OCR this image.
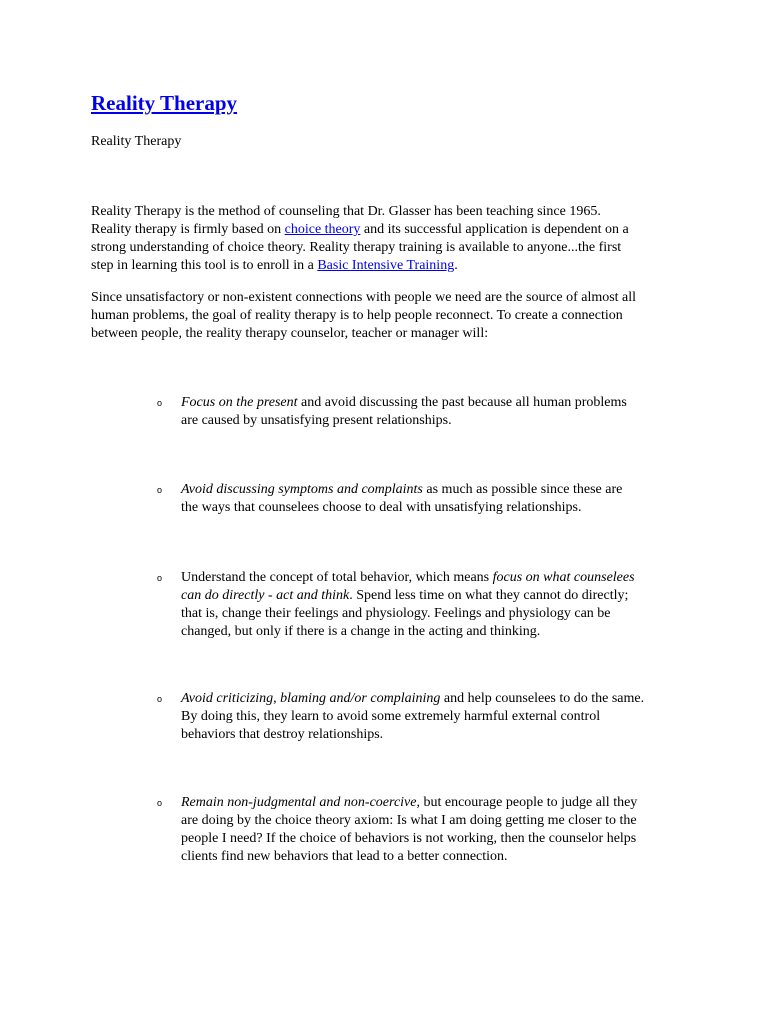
Reality Therapy

Reality Therapy

Reality Therapy is the method of counseling that Dr. Glasser has been teaching since 1965.
Reality therapy is firmly based on choice theory and its successful application is dependent on a
strong understanding of choice theory. Reality therapy training is available to anyone...the first
step in learning this tool is to enroll in a Basic Intensive Training.

Since unsatisfactory or non-existent connections with people we need are the source of almost all
human problems, the goal of reality therapy is to help people reconnect. To create a connection
between people, the reality therapy counselor, teacher or manager will:

o Focus on the present and avoid discussing the past because all human problems
are caused by unsatisfying present relationships.
o Avoid discussing symptoms and complaints as much as possible since these are
the ways that counselees choose to deal with unsatisfying relationships.
o Understand the concept of total behavior, which means focus on what counselees
can do directly - act and think. Spend less time on what they cannot do directly;
that is, change their feelings and physiology. Feelings and physiology can be
changed, but only if there is a change in the acting and thinking.
o Avoid criticizing, blaming and/or complaining and help counselees to do the same.
By doing this, they learn to avoid some extremely harmful external control
behaviors that destroy relationships.
o Remain non-judgmental and non-coercive, but encourage people to judge all they
are doing by the choice theory axiom: Is what I am doing getting me closer to the
people I need? If the choice of behaviors is not working, then the counselor helps
clients find new behaviors that lead to a better connection.
